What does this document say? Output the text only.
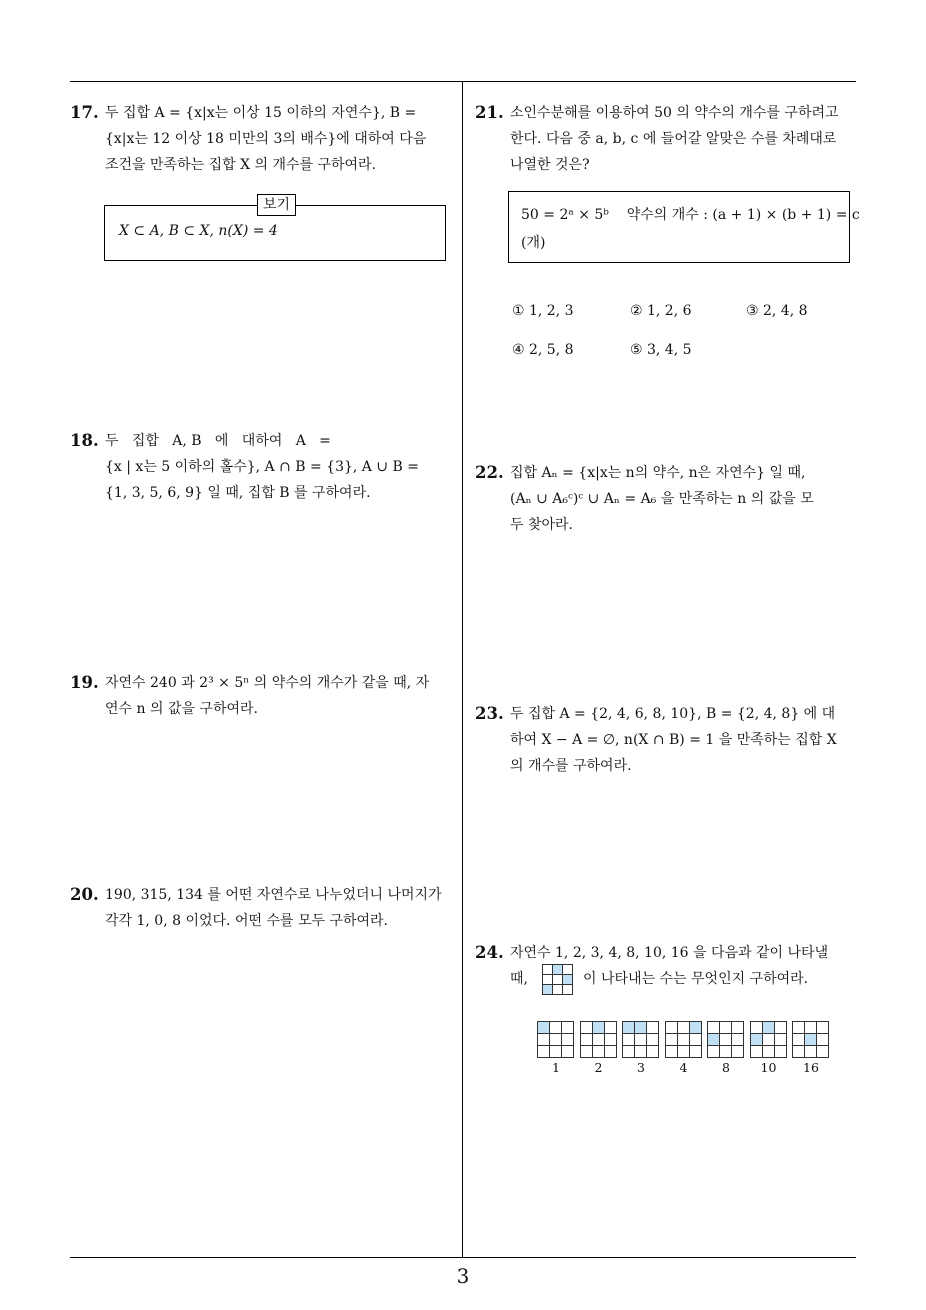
3
17. 두 집합 A = {x|x는 이상 15 이하의 자연수}, B =
{x|x는 12 이상 18 미만의 3의 배수}에 대하여 다음
조건을 만족하는 집합 X 의 개수를 구하여라.
보기
X ⊂ A, B ⊂ X, n(X) = 4
18. 두   집합   A, B   에   대하여   A   =
{x | x는 5 이하의 홀수}, A ∩ B = {3}, A ∪ B =
{1, 3, 5, 6, 9} 일 때, 집합 B 를 구하여라.
19. 자연수 240 과 2³ × 5ⁿ 의 약수의 개수가 같을 때, 자
연수 n 의 값을 구하여라.
20. 190, 315, 134 를 어떤 자연수로 나누었더니 나머지가
각각 1, 0, 8 이었다. 어떤 수를 모두 구하여라.
21. 소인수분해를 이용하여 50 의 약수의 개수를 구하려고
한다. 다음 중 a, b, c 에 들어갈 알맞은 수를 차례대로
나열한 것은?
50 = 2ᵃ × 5ᵇ    약수의 개수 : (a + 1) × (b + 1) = c
(개)
① 1, 2, 3	② 1, 2, 6	③ 2, 4, 8
④ 2, 5, 8	⑤ 3, 4, 5
22. 집합 Aₙ = {x|x는 n의 약수, n은 자연수} 일 때,
(Aₙ ∪ A₆ᶜ)ᶜ ∪ Aₙ = A₆ 을 만족하는 n 의 값을 모
두 찾아라.
23. 두 집합 A = {2, 4, 6, 8, 10}, B = {2, 4, 8} 에 대
하여 X − A = ∅, n(X ∩ B) = 1 을 만족하는 집합 X
의 개수를 구하여라.
24. 자연수 1, 2, 3, 4, 8, 10, 16 을 다음과 같이 나타낼
때,	이 나타내는 수는 무엇인지 구하여라.
1	2	3	4	8	10	16
